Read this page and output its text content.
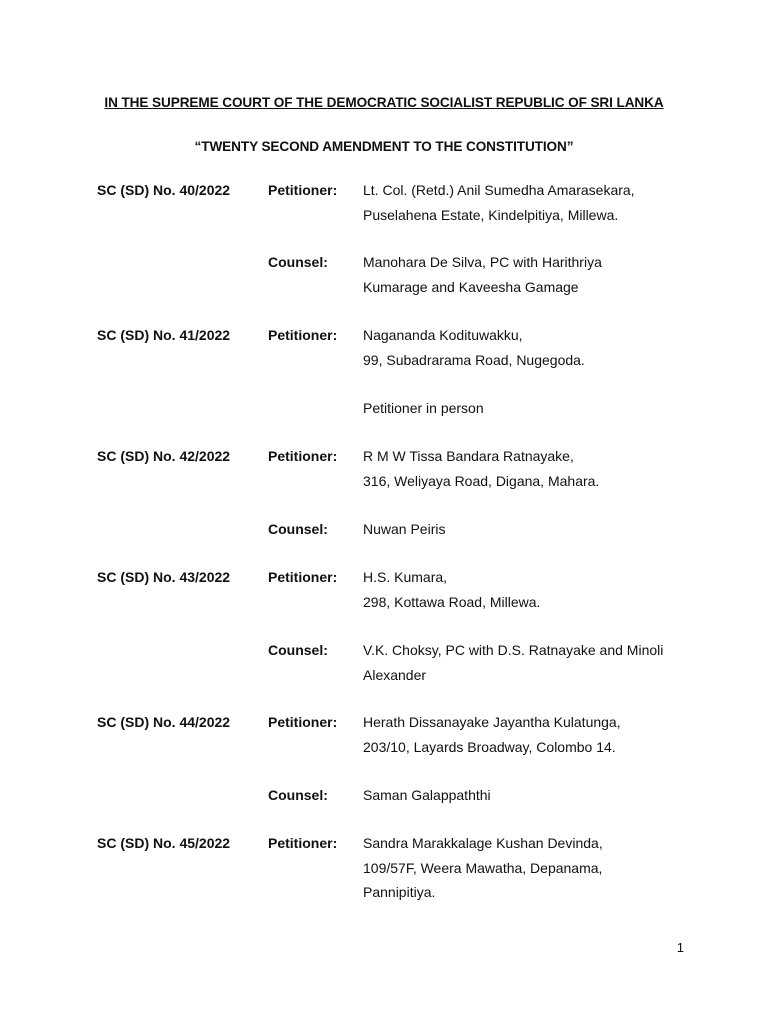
IN THE SUPREME COURT OF THE DEMOCRATIC SOCIALIST REPUBLIC OF SRI LANKA
“TWENTY SECOND AMENDMENT TO THE CONSTITUTION”
SC (SD) No. 40/2022	Petitioner: Lt. Col. (Retd.) Anil Sumedha Amarasekara,
Puselahena Estate, Kindelpitiya, Millewa.
Counsel:	Manohara De Silva, PC with Harithriya
Kumarage and Kaveesha Gamage
SC (SD) No. 41/2022	Petitioner: Nagananda Kodituwakku,
99, Subadrarama Road, Nugegoda.
Petitioner in person
SC (SD) No. 42/2022	Petitioner: R M W Tissa Bandara Ratnayake,
316, Weliyaya Road, Digana, Mahara.
Counsel:	Nuwan Peiris
SC (SD) No. 43/2022	Petitioner: H.S. Kumara,
298, Kottawa Road, Millewa.
Counsel:	V.K. Choksy, PC with D.S. Ratnayake and Minoli
Alexander
SC (SD) No. 44/2022	Petitioner: Herath Dissanayake Jayantha Kulatunga,
203/10, Layards Broadway, Colombo 14.
Counsel:	Saman Galappaththi
SC (SD) No. 45/2022	Petitioner: Sandra Marakkalage Kushan Devinda,
109/57F, Weera Mawatha, Depanama,
Pannipitiya.
1
